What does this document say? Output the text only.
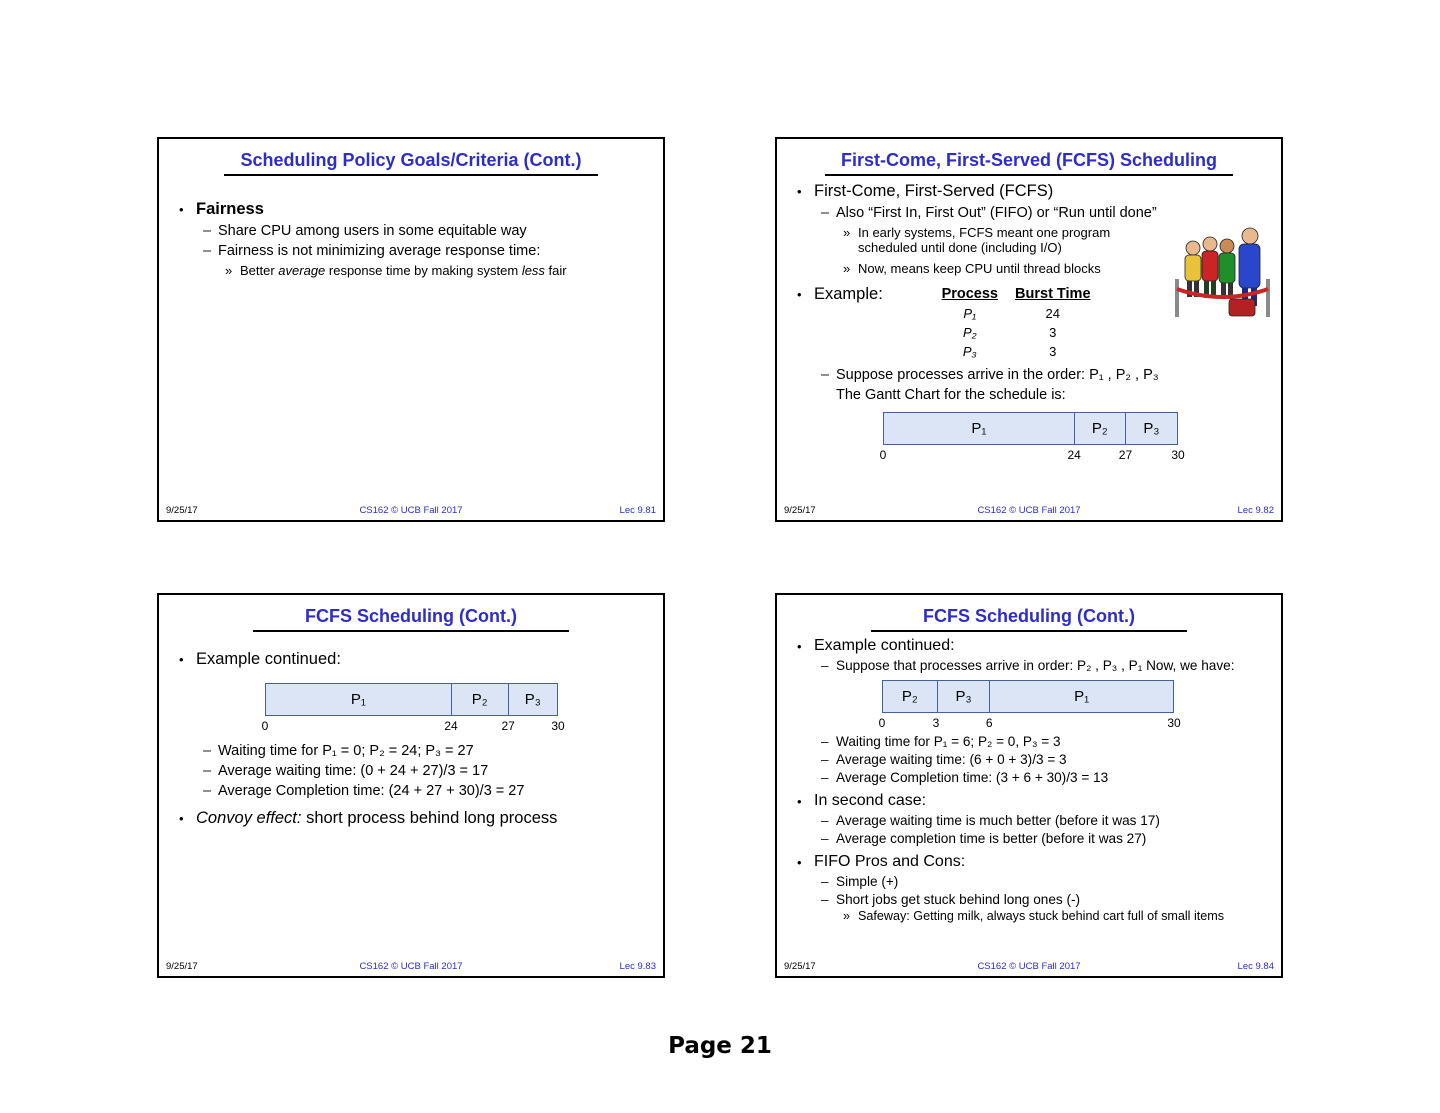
Scheduling Policy Goals/Criteria (Cont.)
• Fairness
– Share CPU among users in some equitable way
– Fairness is not minimizing average response time:
» Better average response time by making system less fair
9/25/17	CS162 © UCB Fall 2017	Lec 9.81
First-Come, First-Served (FCFS) Scheduling
• First-Come, First-Served (FCFS)
– Also “First In, First Out” (FIFO) or “Run until done”
» In early systems, FCFS meant one program scheduled until done (including I/O)
» Now, means keep CPU until thread blocks
• Example:	Process	Burst Time
P₁	24
P₂	3
P₃	3
– Suppose processes arrive in the order: P₁ , P₂ , P₃
The Gantt Chart for the schedule is:
P₁	P₂	P₃
0	24	27	30
9/25/17	CS162 © UCB Fall 2017	Lec 9.82
FCFS Scheduling (Cont.)
• Example continued:
P₁	P₂	P₃
0	24	27	30
– Waiting time for P₁ = 0; P₂ = 24; P₃ = 27
– Average waiting time: (0 + 24 + 27)/3 = 17
– Average Completion time: (24 + 27 + 30)/3 = 27
• Convoy effect: short process behind long process
9/25/17	CS162 © UCB Fall 2017	Lec 9.83
FCFS Scheduling (Cont.)
• Example continued:
– Suppose that processes arrive in order: P₂ , P₃ , P₁ Now, we have:
P₂	P₃	P₁
0	3	6	30
– Waiting time for P₁ = 6; P₂ = 0, P₃ = 3
– Average waiting time: (6 + 0 + 3)/3 = 3
– Average Completion time: (3 + 6 + 30)/3 = 13
• In second case:
– Average waiting time is much better (before it was 17)
– Average completion time is better (before it was 27)
• FIFO Pros and Cons:
– Simple (+)
– Short jobs get stuck behind long ones (-)
» Safeway: Getting milk, always stuck behind cart full of small items
9/25/17	CS162 © UCB Fall 2017	Lec 9.84
Page 21
